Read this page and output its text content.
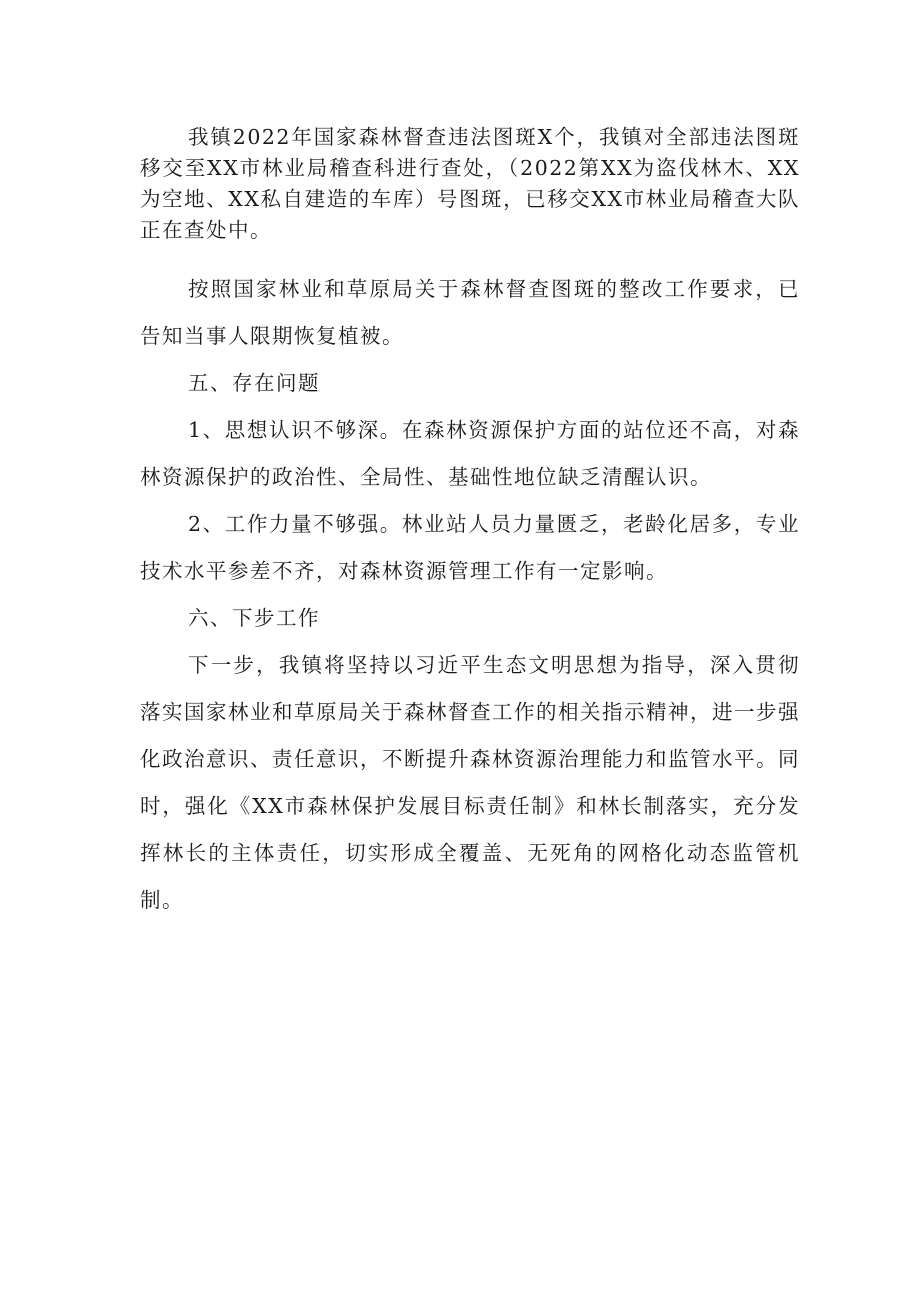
我镇2022年国家森林督查违法图斑X个，我镇对全部违法图斑移交至XX市林业局稽查科进行查处，（2022第XX为盗伐林木、XX为空地、XX私自建造的车库）号图斑，已移交XX市林业局稽查大队正在查处中。

按照国家林业和草原局关于森林督查图斑的整改工作要求，已告知当事人限期恢复植被。

五、存在问题

1、思想认识不够深。在森林资源保护方面的站位还不高，对森林资源保护的政治性、全局性、基础性地位缺乏清醒认识。

2、工作力量不够强。林业站人员力量匮乏，老龄化居多，专业技术水平参差不齐，对森林资源管理工作有一定影响。

六、下步工作

下一步，我镇将坚持以习近平生态文明思想为指导，深入贯彻落实国家林业和草原局关于森林督查工作的相关指示精神，进一步强化政治意识、责任意识，不断提升森林资源治理能力和监管水平。同时，强化《XX市森林保护发展目标责任制》和林长制落实，充分发挥林长的主体责任，切实形成全覆盖、无死角的网格化动态监管机制。
